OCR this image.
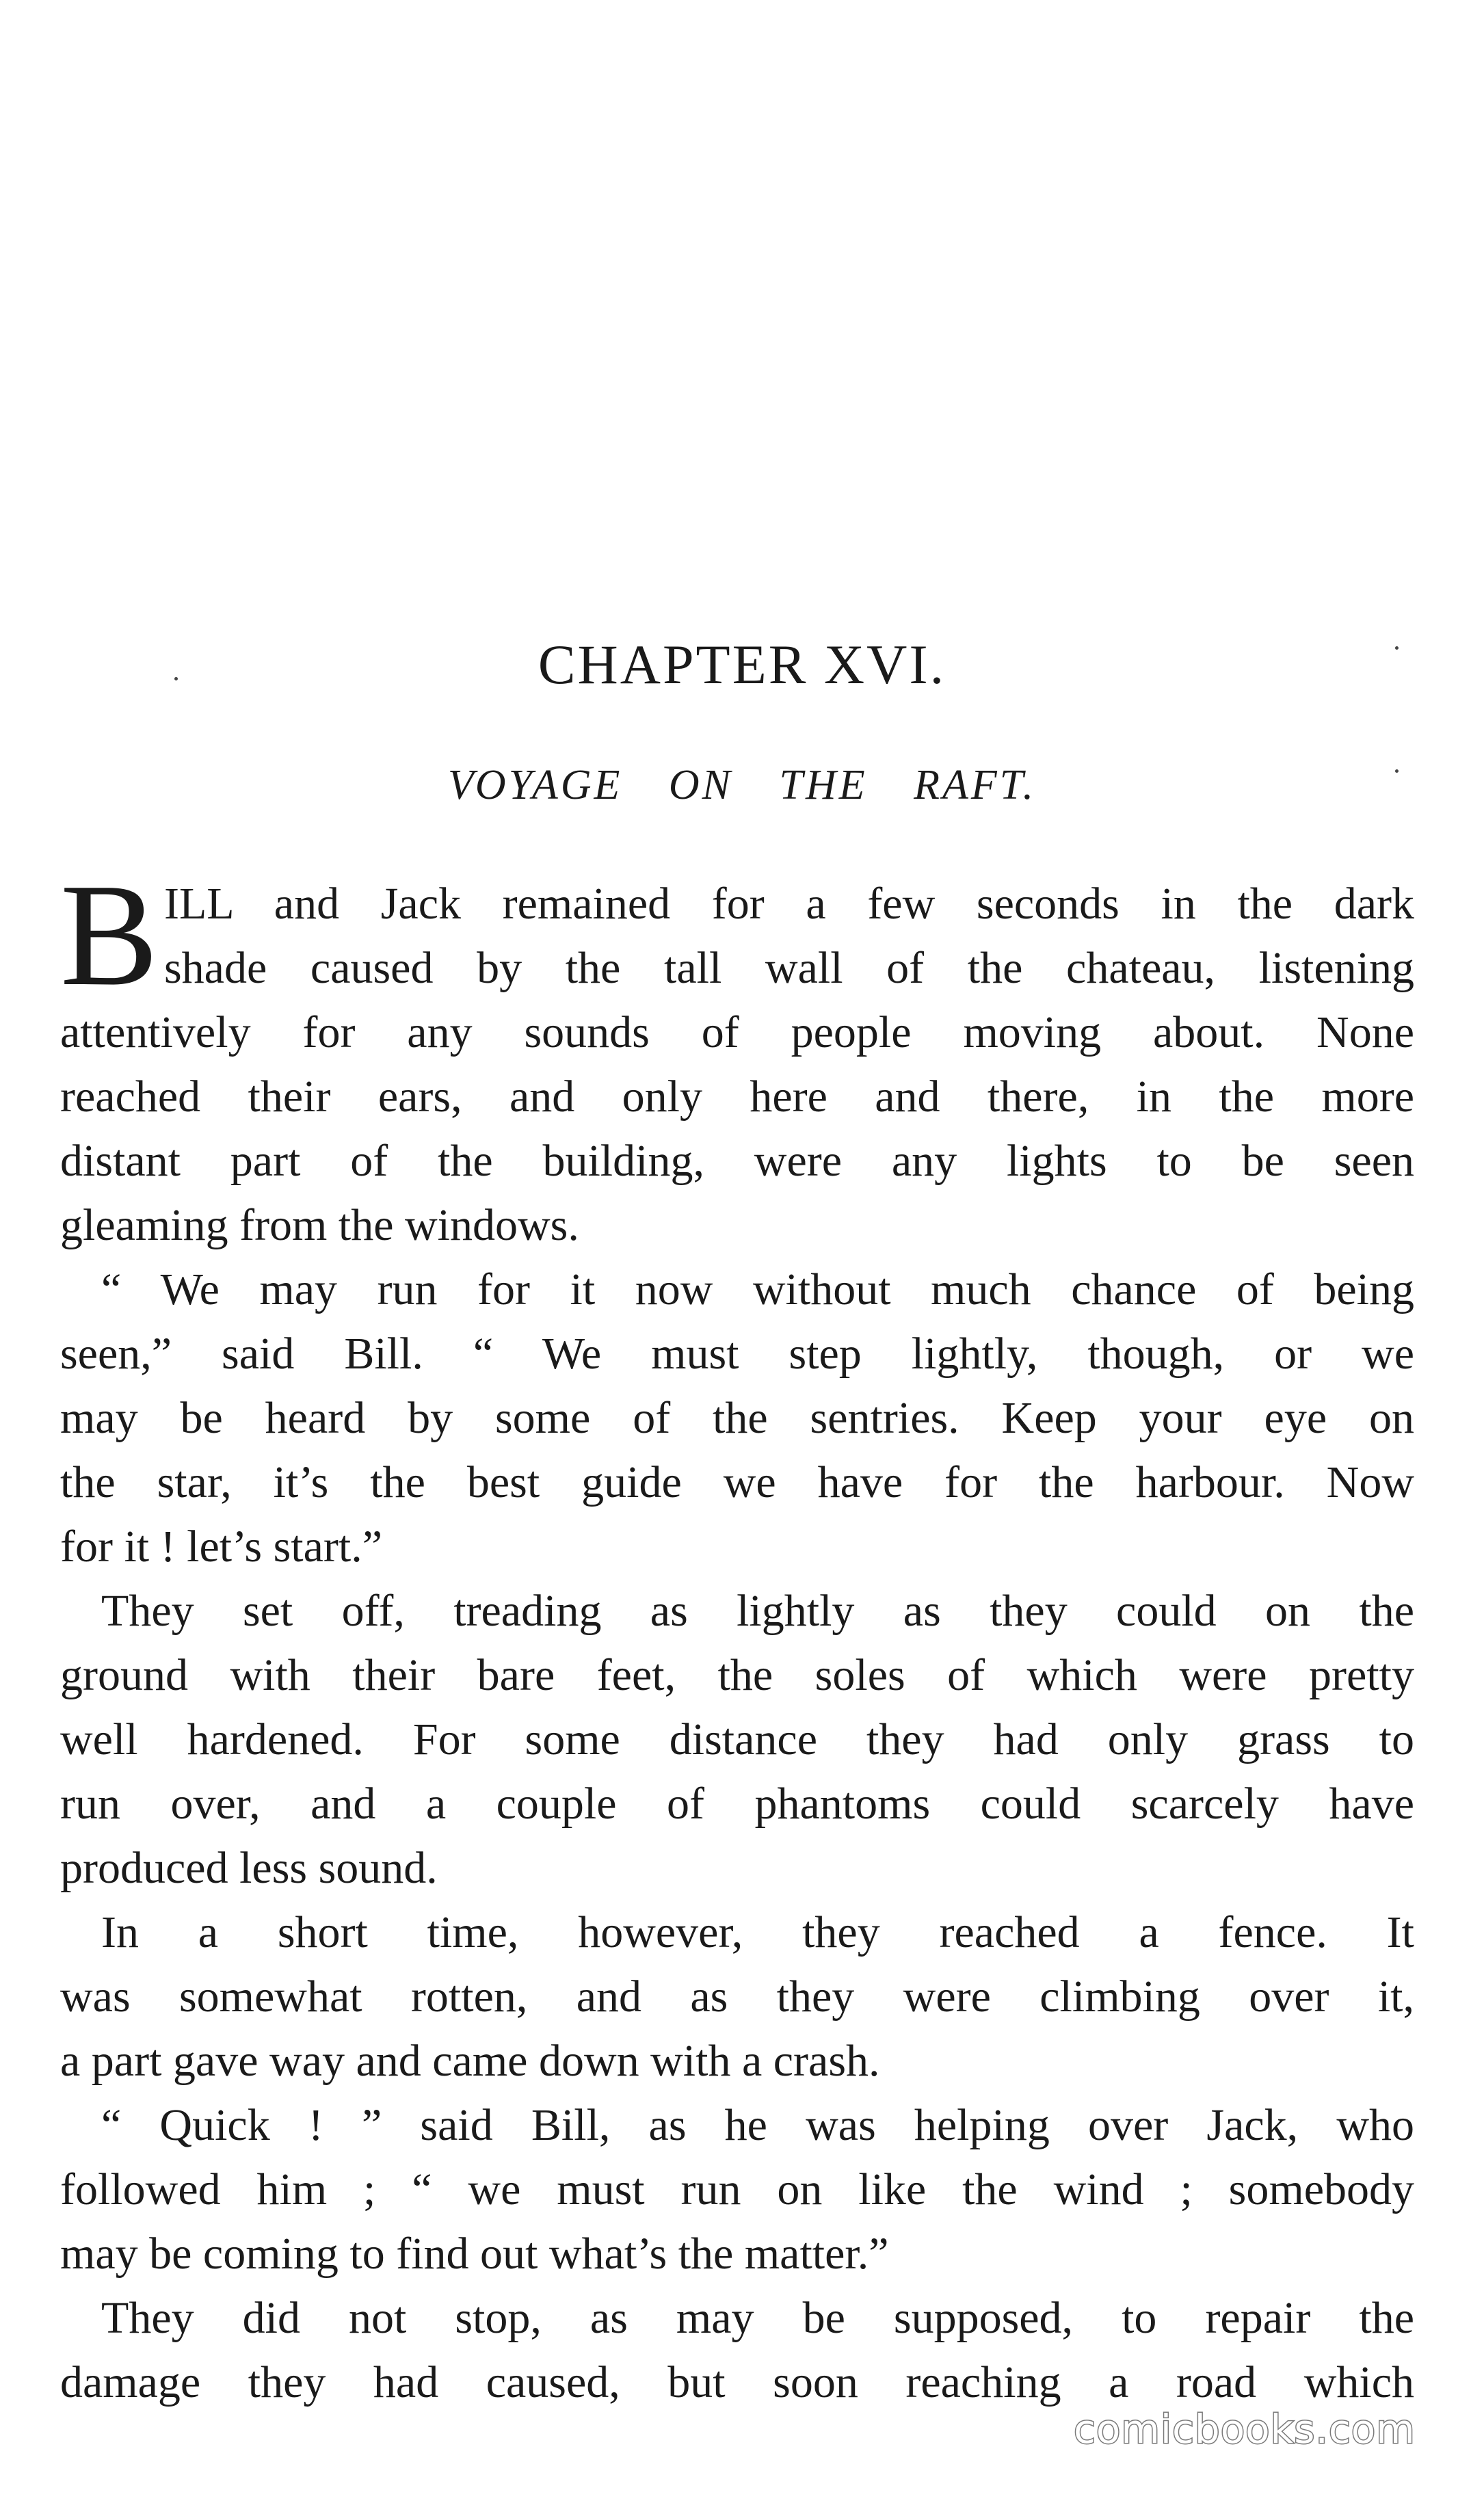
CHAPTER XVI.
VOYAGE ON THE RAFT.
B ILL and Jack remained for a few seconds in the dark
shade caused by the tall wall of the chateau, listening
attentively for any sounds of people moving about. None
reached their ears, and only here and there, in the more
distant part of the building, were any lights to be seen
gleaming from the windows.
“ We may run for it now without much chance of being
seen,” said Bill. “ We must step lightly, though, or we
may be heard by some of the sentries. Keep your eye on
the star, it’s the best guide we have for the harbour. Now
for it ! let’s start.”
They set off, treading as lightly as they could on the
ground with their bare feet, the soles of which were pretty
well hardened. For some distance they had only grass to
run over, and a couple of phantoms could scarcely have
produced less sound.
In a short time, however, they reached a fence. It
was somewhat rotten, and as they were climbing over it,
a part gave way and came down with a crash.
“ Quick ! ” said Bill, as he was helping over Jack, who
followed him ; “ we must run on like the wind ; somebody
may be coming to find out what’s the matter.”
They did not stop, as may be supposed, to repair the
damage they had caused, but soon reaching a road which
comicbooks.com
